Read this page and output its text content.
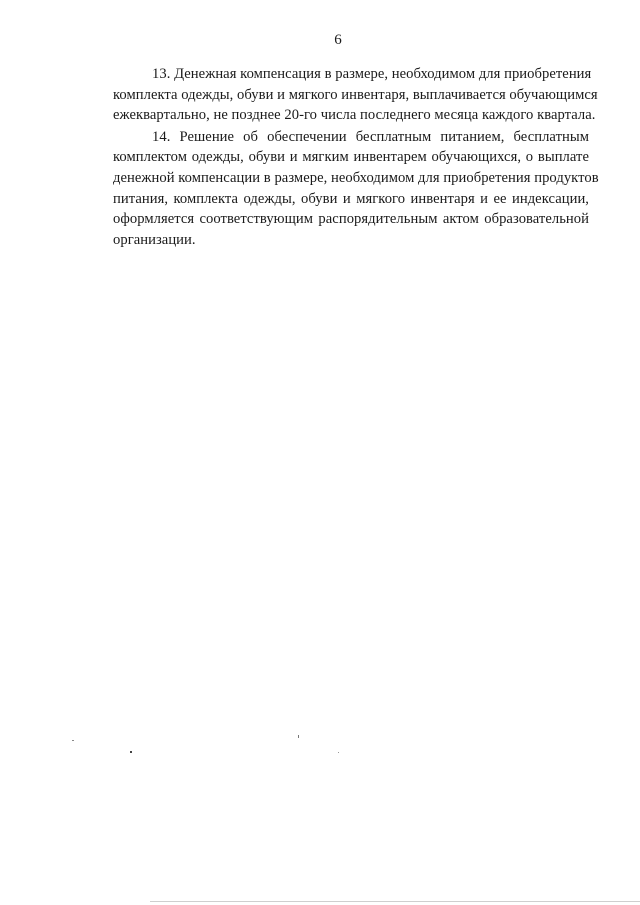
6

13. Денежная компенсация в размере, необходимом для приобретения
комплекта одежды, обуви и мягкого инвентаря, выплачивается обучающимся
ежеквартально, не позднее 20-го числа последнего месяца каждого квартала.

14. Решение об обеспечении бесплатным питанием, бесплатным
комплектом одежды, обуви и мягким инвентарем обучающихся, о выплате
денежной компенсации в размере, необходимом для приобретения продуктов
питания, комплекта одежды, обуви и мягкого инвентаря и ее индексации,
оформляется соответствующим распорядительным актом образовательной
организации.
